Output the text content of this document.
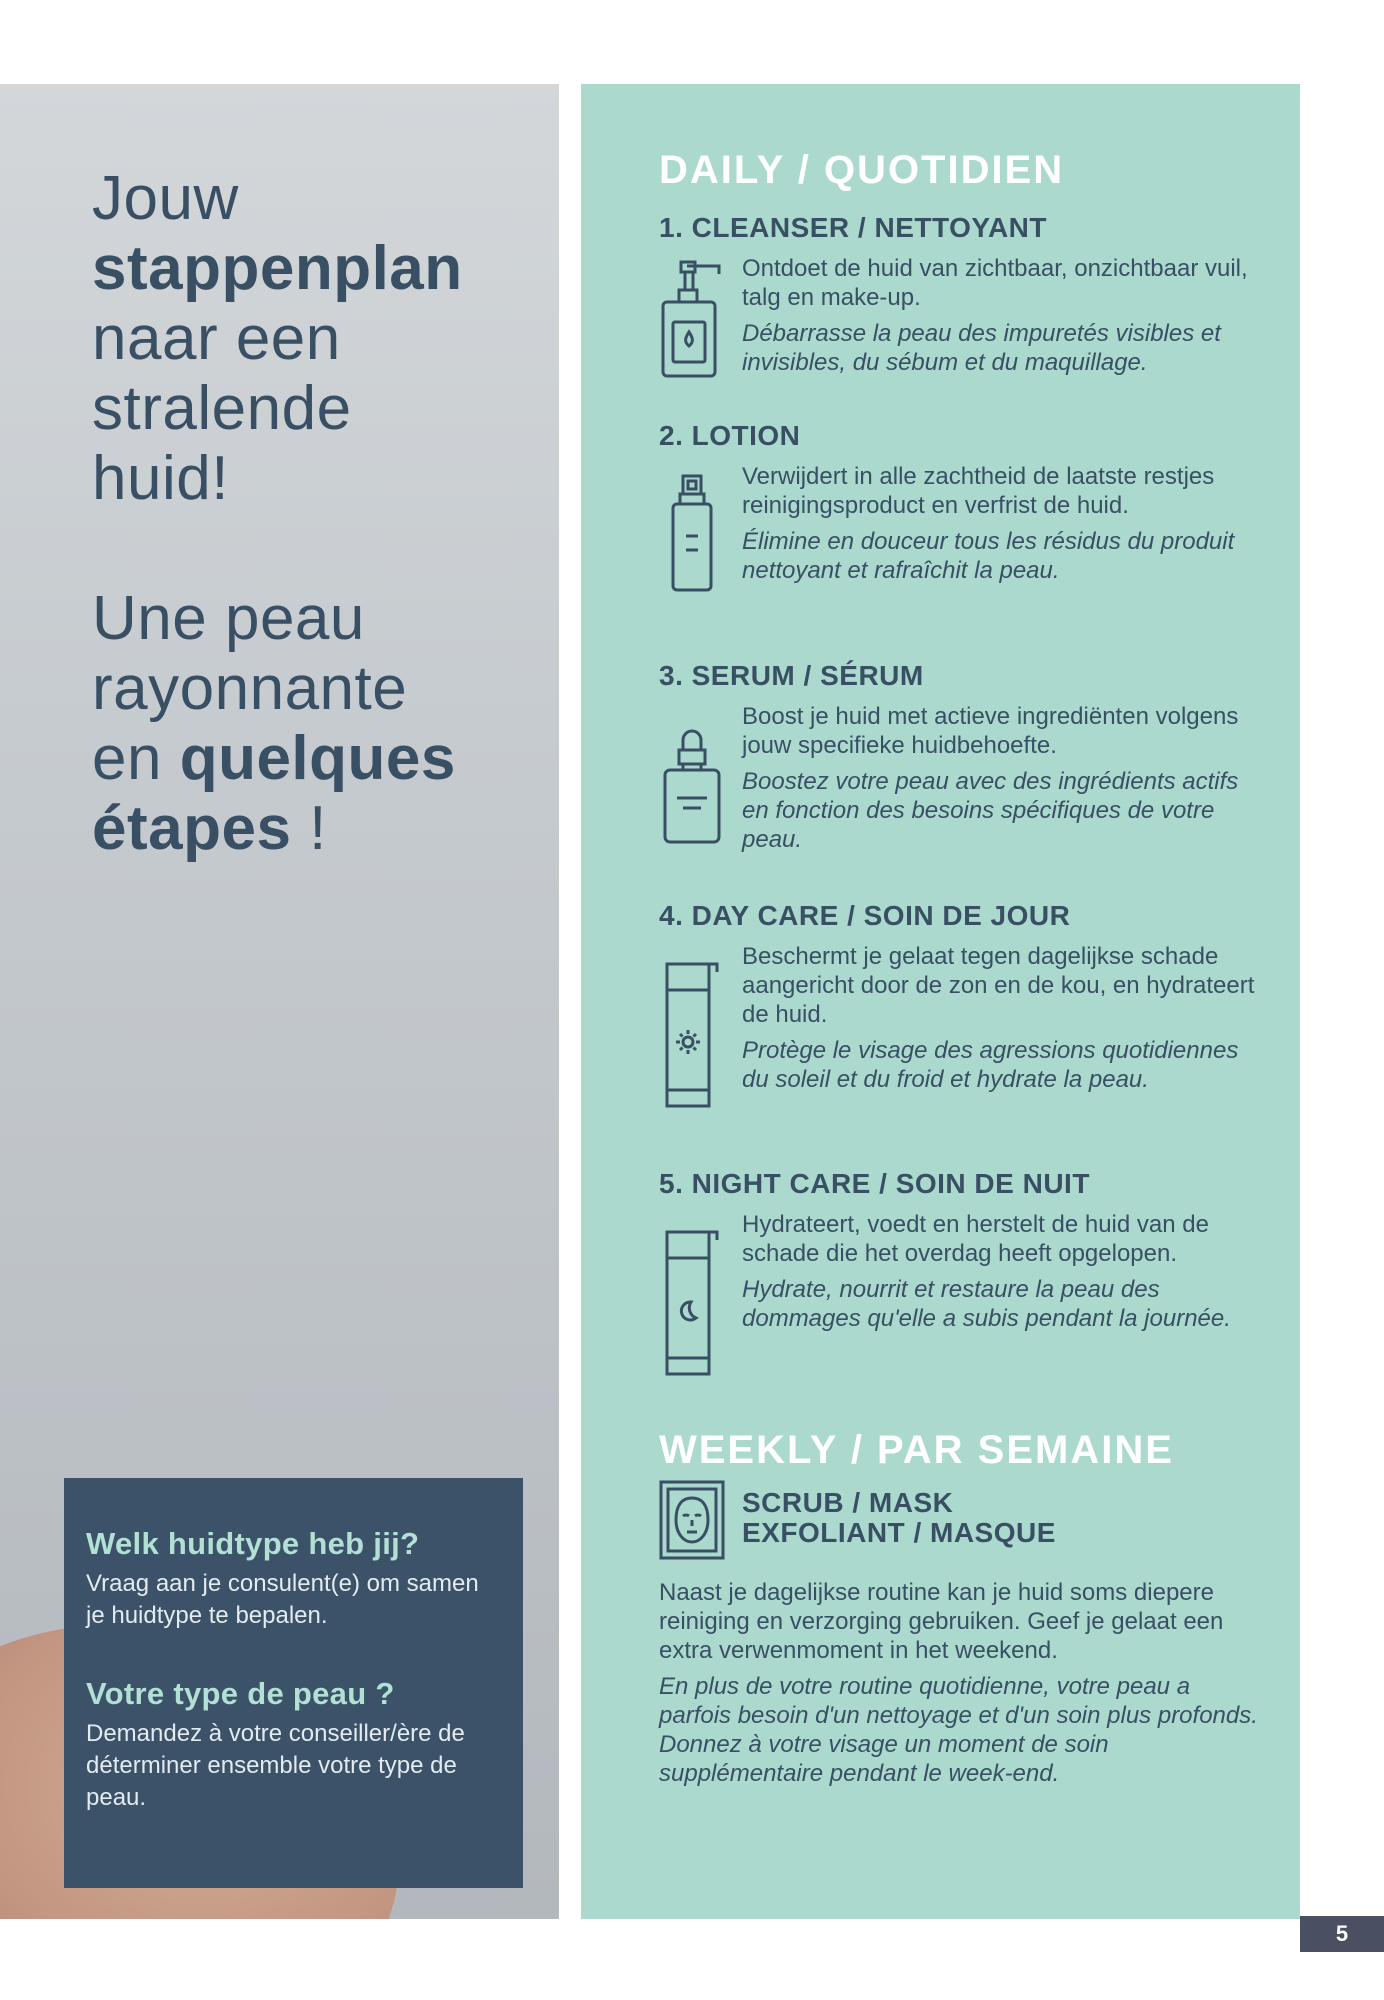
Jouw
stappenplan
naar een
stralende
huid!
Une peau
rayonnante
en quelques
étapes !
Welk huidtype heb jij?

Vraag aan je consulent(e) om samen je huidtype te bepalen.

Votre type de peau ?

Demandez à votre conseiller/ère de déterminer ensemble votre type de peau.

DAILY / QUOTIDIEN
1. CLEANSER / NETTOYANT

Ontdoet de huid van zichtbaar, onzichtbaar vuil, talg en make-up.

Débarrasse la peau des impuretés visibles et invisibles, du sébum et du maquillage.

2. LOTION

Verwijdert in alle zachtheid de laatste restjes reinigingsproduct en verfrist de huid.

Élimine en douceur tous les résidus du produit nettoyant et rafraîchit la peau.

3. SERUM / SÉRUM

Boost je huid met actieve ingrediënten volgens jouw specifieke huidbehoefte.

Boostez votre peau avec des ingrédients actifs en fonction des besoins spécifiques de votre peau.

4. DAY CARE / SOIN DE JOUR

Beschermt je gelaat tegen dagelijkse schade aangericht door de zon en de kou, en hydrateert de huid.

Protège le visage des agressions quotidiennes du soleil et du froid et hydrate la peau.

5. NIGHT CARE / SOIN DE NUIT

Hydrateert, voedt en herstelt de huid van de schade die het overdag heeft opgelopen.

Hydrate, nourrit et restaure la peau des dommages qu'elle a subis pendant la journée.

WEEKLY / PAR SEMAINE
SCRUB / MASK
EXFOLIANT / MASQUE

Naast je dagelijkse routine kan je huid soms diepere reiniging en verzorging gebruiken. Geef je gelaat een extra verwenmoment in het weekend.

En plus de votre routine quotidienne, votre peau a parfois besoin d'un nettoyage et d'un soin plus profonds. Donnez à votre visage un moment de soin supplémentaire pendant le week-end.

5
